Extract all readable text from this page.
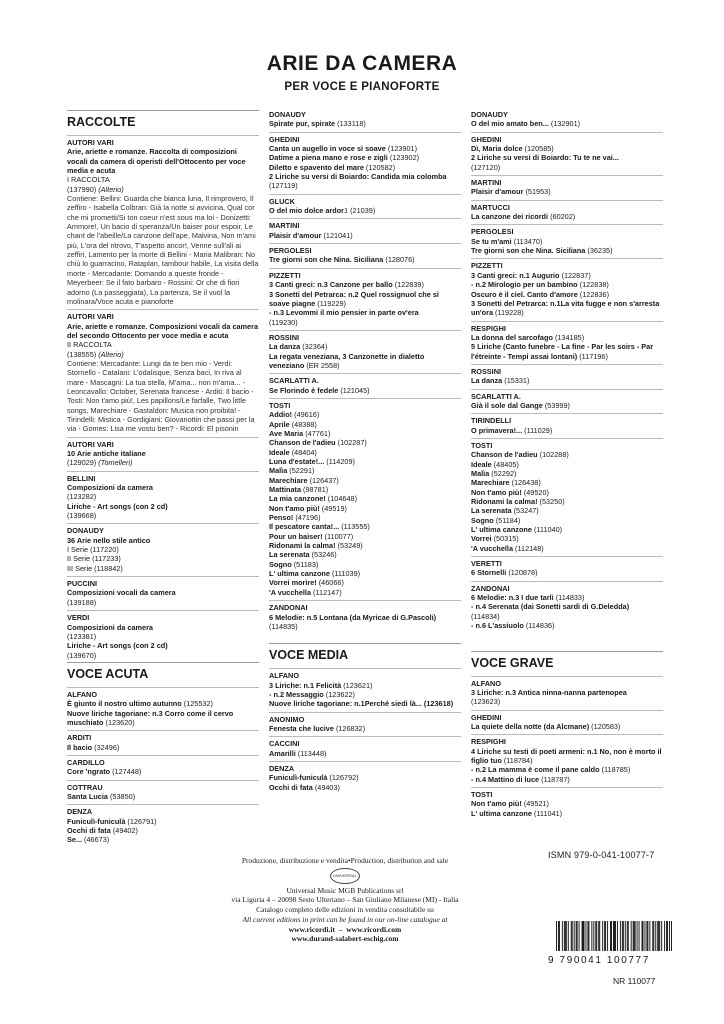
ARIE DA CAMERA
PER VOCE E PIANOFORTE
RACCOLTE
AUTORI VARI
Arie, ariette e romanze. Raccolta di composizioni vocali da camera di operisti dell'Ottocento per voce media e acuta
I RACCOLTA
(137990) (Alterio)
Contiene: Bellini: Guarda che bianca luna, Il rimprovero, Il zeffiro - Isabella Colbran: Già la notte si avvicina, Qual cor che mi prometti/Si ton coeur n'est sous ma loi - Donizetti: Ammore!, Un bacio di speranza/Un baiser pour espoir, Le chant de l'abeille/La canzone dell'ape, Malvina, Non m'ami più, L'ora del ritrovo, T'aspetto ancor!, Venne sull'ali ai zeffiri, Lamento per la morte di Bellini - Maria Malibran: No chiù lo guarracino, Rataplan, tambour habile, La visita della morte - Mercadante: Domando a queste fronde - Meyerbeer: Se il fato barbaro - Rossini: Or che di fiori adorno (La passeggiata), La partenza, Se il vuol la molinara/Voce acuta e pianoforte
AUTORI VARI
Arie, ariette e romanze. Composizioni vocali da camera del secondo Ottocento per voce media e acuta
II RACCOLTA
(138555) (Alterio)
Contiene: Mercadante: Lungi da te ben mio - Verdi: Stornello - Catalani: L'odalisque, Senza baci, In riva al mare - Mascagni: La tua stella, M'ama... non m'ama... - Leoncavallo: October, Serenata francese - Arditi: Il bacio - Tosti: Non t'amo più!, Les papillons/Le farfalle, Two little songs, Marechiare - Gastaldon: Musica non proibita! - Tirindelli: Mistica - Gordigiani: Giovanottin che passi per la via - Gomes: Lisa me vostu ben? - Ricordi: El pisonin
AUTORI VARI
10 Arie antiche italiane
(129029) (Tomelleri)
BELLINI
Composizioni da camera
(123282)
Liriche - Art songs (con 2 cd)
(139668)
DONAUDY
36 Arie nello stile antico
I Serie (117220)
II Serie (117233)
III Serie (118842)
PUCCINI
Composizioni vocali da camera
(139188)
VERDI
Composizioni da camera
(123381)
Liriche - Art songs (con 2 cd)
(139670)
VOCE ACUTA
ALFANO
È giunto il nostro ultimo autunno (125532)
Nuove liriche tagoriane: n.3 Corro come il cervo muschiato (123620)
ARDITI
Il bacio (32496)
CARDILLO
Core 'ngrato (127448)
COTTRAU
Santa Lucia (53850)
DENZA
Funiculì-funiculà (126791)
Occhi di fata (49402)
Se... (46673)
DONAUDY
Spirate pur, spirate (133118)
GHEDINI
Canta un augello in voce sì soave (123901)
Datime a piena mano e rose e zigli (123902)
Diletto e spavento del mare (120582)
2 Liriche su versi di Boiardo: Candida mia colomba (127119)
GLUCK
O del mio dolce ardor1 (21039)
MARTINI
Plaisir d'amour (121041)
PERGOLESI
Tre giorni son che Nina. Siciliana (128076)
PIZZETTI
3 Canti greci: n.3 Canzone per ballo (122839)
3 Sonetti del Petrarca: n.2 Quel rossignuol che sì soave piagne (119229)
- n.3 Levommi il mio pensier in parte ov'era
(119230)
ROSSINI
La danza (32364)
La regata veneziana, 3 Canzonette in dialetto veneziano (ER 2558)
SCARLATTI A.
Se Florindo è fedele (121045)
TOSTI
Addio! (49616)
Aprile (48388)
Ave Maria (47761)
Chanson de l'adieu (102287)
Ideale (48404)
Luna d'estate!... (114209)
Malìa (52291)
Marechiare (126437)
Mattinata (98781)
La mia canzone! (104648)
Non t'amo più! (49519)
Penso! (47196)
Il pescatore canta!... (113555)
Pour un baiser! (110077)
Ridonami la calma! (53249)
La serenata (53246)
Sogno (51183)
L' ultima canzone (111039)
Vorrei morire! (46066)
'A vucchella (112147)
ZANDONAI
6 Melodie: n.5 Lontana (da Myricae di G.Pascoli)
(114835)
VOCE MEDIA
ALFANO
3 Liriche: n.1 Felicità (123621)
- n.2 Messaggio (123622)
Nuove liriche tagoriane: n.1Perché siedi là... (123618)
ANONIMO
Fenesta che lucive (126832)
CACCINI
Amarilli (113448)
DENZA
Funiculì-funiculà (126792)
Occhi di fata (49403)
DONAUDY
O del mio amato ben... (132901)
GHEDINI
Dì, Maria dolce (120585)
2 Liriche su versi di Boiardo: Tu te ne vai...
(127120)
MARTINI
Plaisir d'amour (51953)
MARTUCCI
La canzone dei ricordi (60202)
PERGOLESI
Se tu m'ami (113470)
Tre giorni son che Nina. Siciliana (36235)
PIZZETTI
3 Canti greci: n.1 Augurio (122837)
- n.2 Mirologio per un bambino (122838)
Oscuro è il ciel. Canto d'amore (122836)
3 Sonetti del Petrarca: n.1La vita fugge e non s'arresta un'ora (119228)
RESPIGHI
La donna del sarcofago (134185)
5 Liriche (Canto funebre - La fine - Par les soirs - Par l'étreinte - Tempi assai lontani) (117196)
ROSSINI
La danza (15331)
SCARLATTI A.
Già il sole dal Gange (53999)
TIRINDELLI
O primavera!... (111029)
TOSTI
Chanson de l'adieu (102288)
Ideale (48405)
Malìa (52292)
Marechiare (126438)
Non t'amo più! (49520)
Ridonami la calma! (53250)
La serenata (53247)
Sogno (51184)
L' ultima canzone (111040)
Vorrei (50315)
'A vucchella (112148)
VERETTI
6 Stornelli (120878)
ZANDONAI
6 Melodie: n.3 I due tarli (114833)
- n.4 Serenata (dai Sonetti sardi di G.Deledda)
(114834)
- n.6 L'assiuolo (114836)
VOCE GRAVE
ALFANO
3 Liriche: n.3 Antica ninna-nanna partenopea
(123623)
GHEDINI
La quiete della notte (da Alcmane) (120583)
RESPIGHI
4 Liriche su testi di poeti armeni: n.1 No, non è morto il figlio tuo (118784)
- n.2 La mamma è come il pane caldo (118785)
- n.4 Mattino di luce (118787)
TOSTI
Non t'amo più! (49521)
L' ultima canzone (111041)
Produzione, distribuzione e vendita•Production, distribution and sale
UNIVERSAL
Universal Music MGB Publications srl
via Liguria 4 – 20098 Sesto Ulteriano – San Giuliano Milanese (MI) - Italia
Catalogo completo delle edizioni in vendita consultabile su
All current editions in print can be found in our on-line catalogue at
www.ricordi.it  –  www.ricordi.com
www.durand-salabert-eschig.com
ISMN 979-0-041-10077-7
9 790041 100777
NR 110077
